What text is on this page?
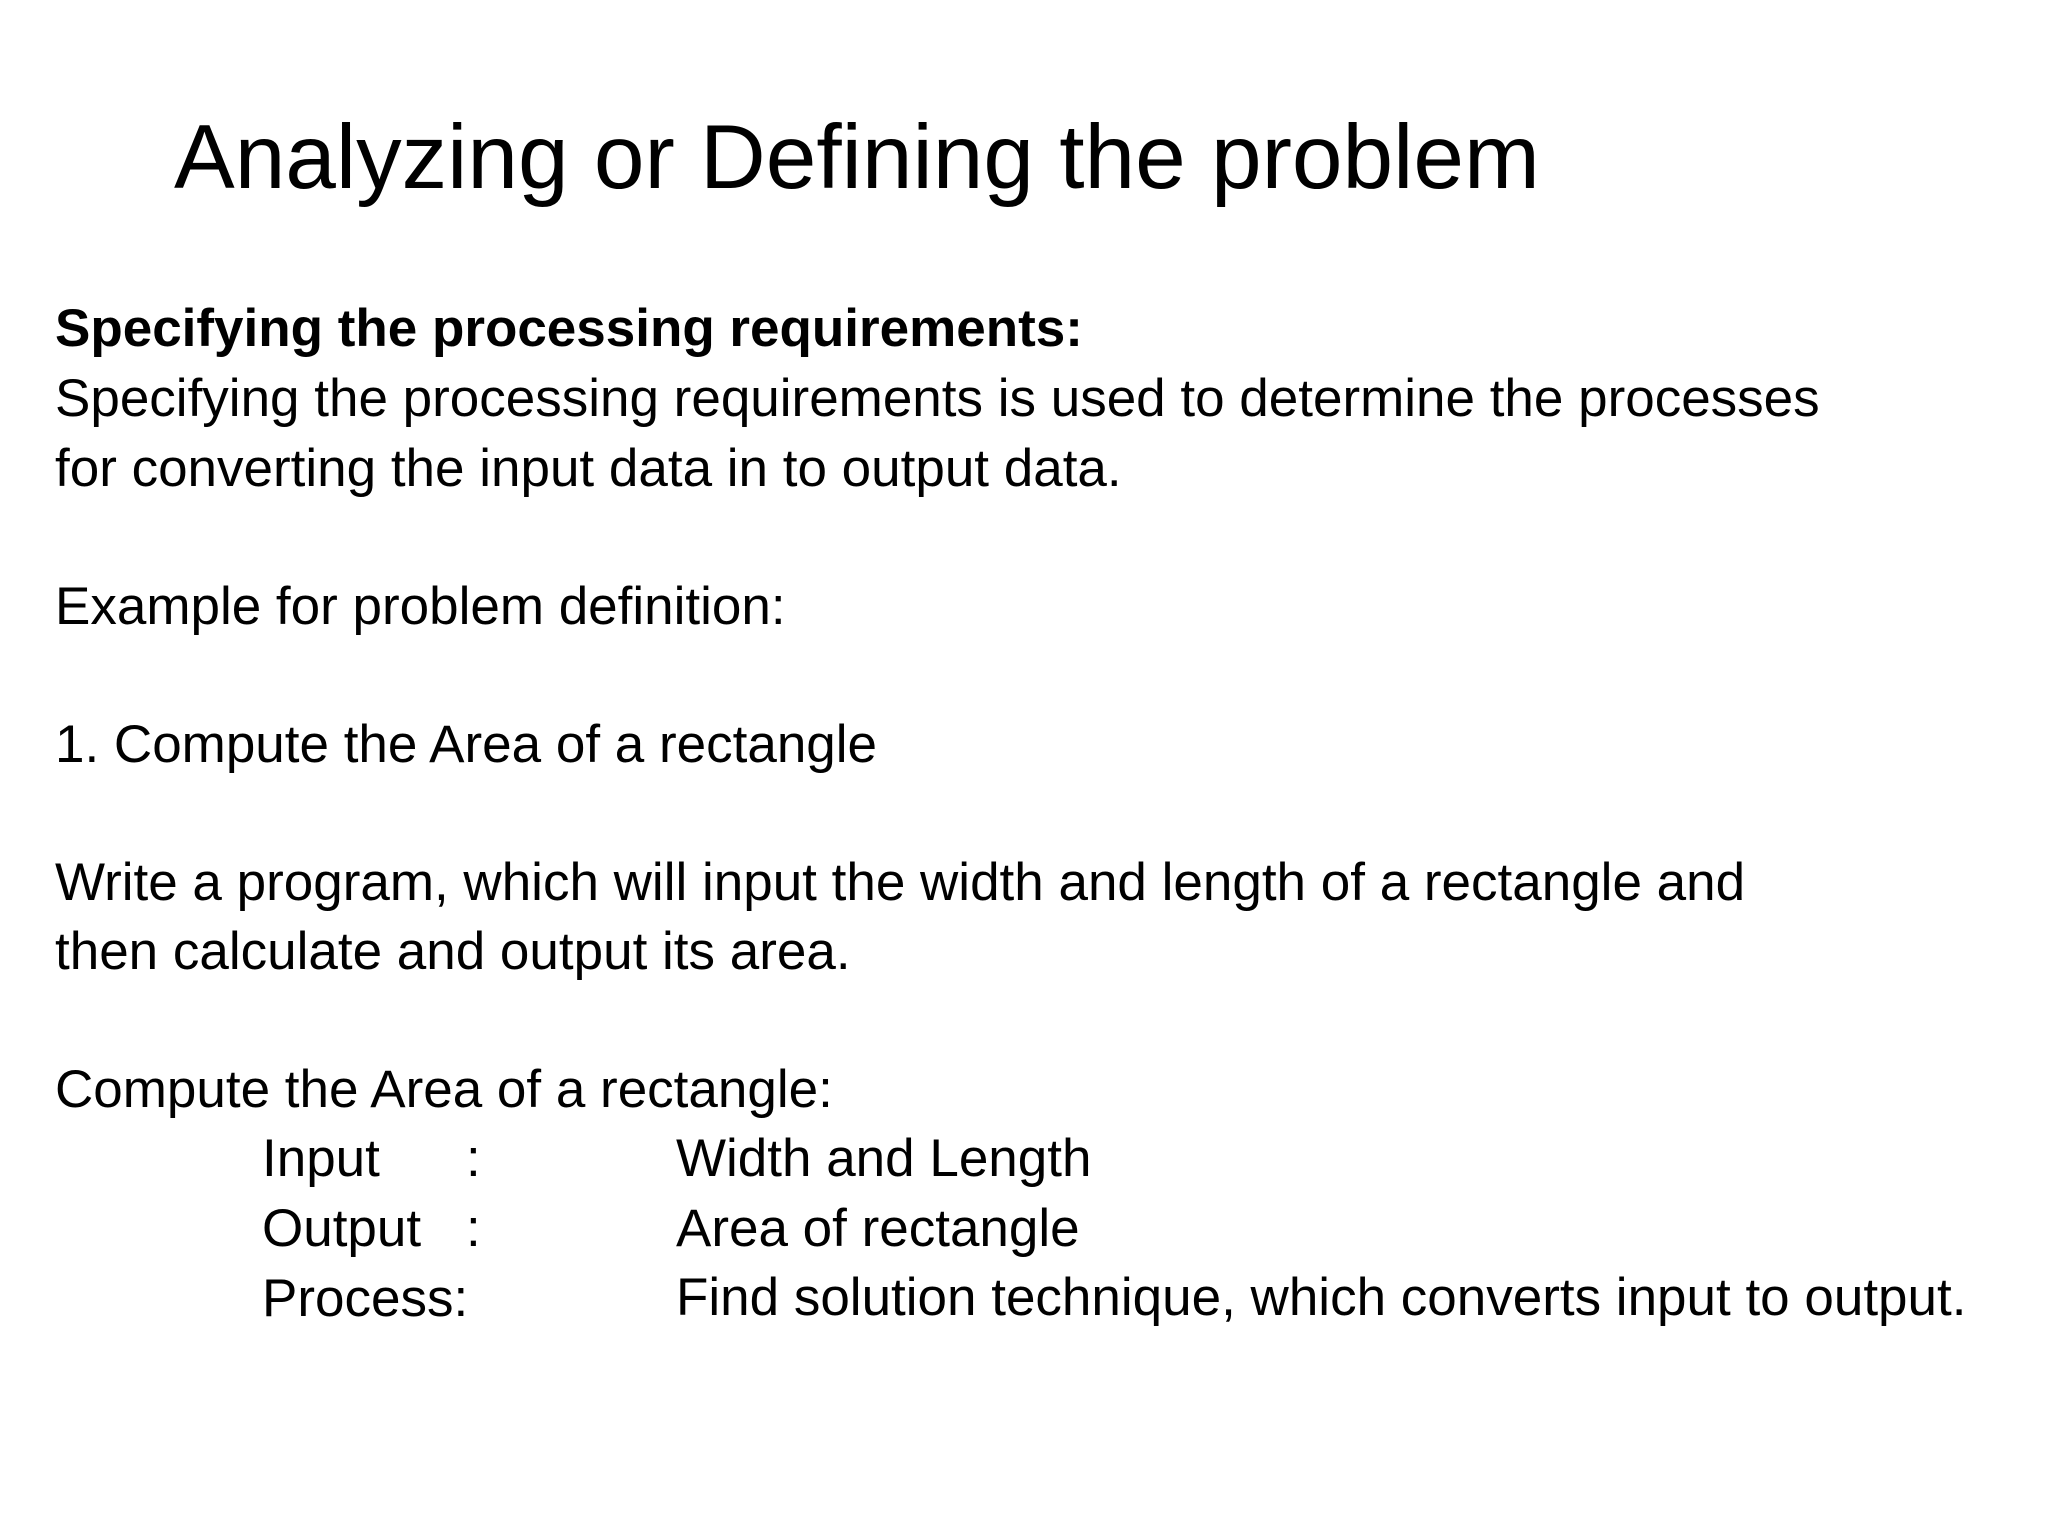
Analyzing or Defining the problem

Specifying the processing requirements:

Specifying the processing requirements is used to determine the processes

for converting the input data in to output data.

Example for problem definition:

1. Compute the Area of a rectangle

Write a program, which will input the width and length of a rectangle and

then calculate and output its area.

Compute the Area of a rectangle:

Input :	Width and Length

Output :	Area of rectangle

Process:	Find solution technique, which converts input to output.
